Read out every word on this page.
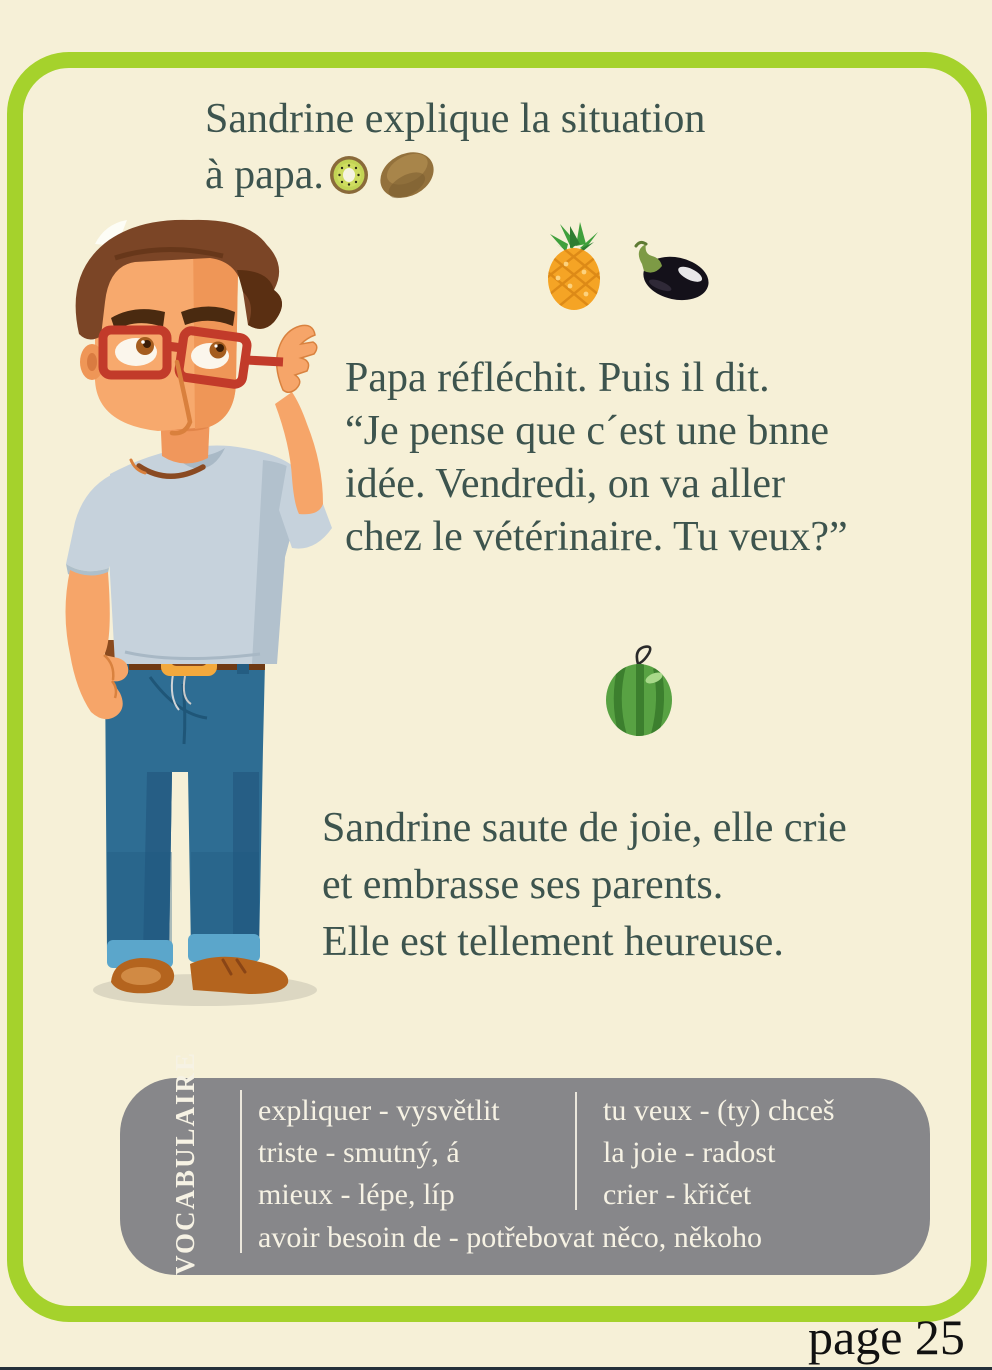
Sandrine explique la situation
à papa.
Papa réfléchit. Puis il dit.
“Je pense que c´est une bnne
idée. Vendredi, on va aller
chez le vétérinaire. Tu veux?”
Sandrine saute de joie, elle crie
et embrasse ses parents.
Elle est tellement heureuse.
VOCABULAIRE expliquer - vysvětlit
triste - smutný, á
mieux - lépe, líp
tu veux - (ty) chceš
la joie - radost
crier - křičet
avoir besoin de - potřebovat něco, někoho
page 25
